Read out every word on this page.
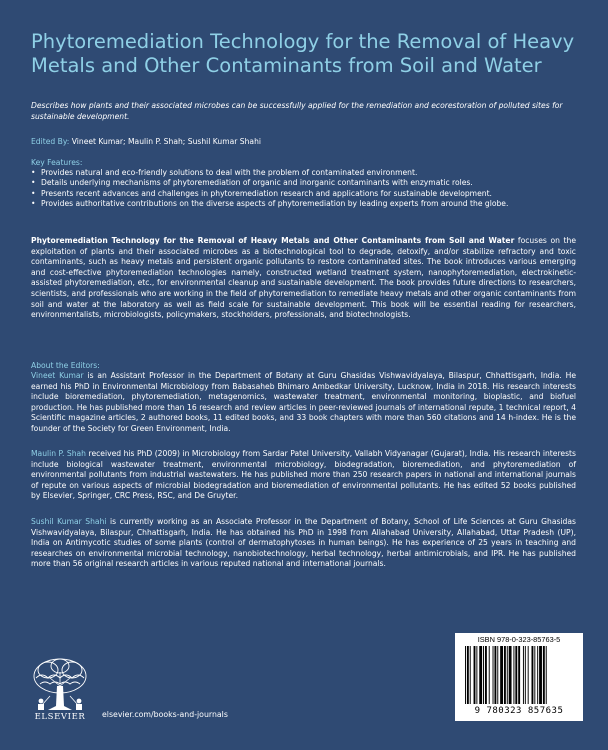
Phytoremediation Technology for the Removal of Heavy Metals and Other Contaminants from Soil and Water

Describes how plants and their associated microbes can be successfully applied for the remediation and ecorestoration of polluted sites for sustainable development.

Edited By: Vineet Kumar; Maulin P. Shah; Sushil Kumar Shahi

Key Features:

• Provides natural and eco-friendly solutions to deal with the problem of contaminated environment.
• Details underlying mechanisms of phytoremediation of organic and inorganic contaminants with enzymatic roles.
• Presents recent advances and challenges in phytoremediation research and applications for sustainable development.
• Provides authoritative contributions on the diverse aspects of phytoremediation by leading experts from around the globe.

Phytoremediation Technology for the Removal of Heavy Metals and Other Contaminants from Soil and Water focuses on the exploitation of plants and their associated microbes as a biotechnological tool to degrade, detoxify, and/or stabilize refractory and toxic contaminants, such as heavy metals and persistent organic pollutants to restore contaminated sites. The book introduces various emerging and cost-effective phytoremediation technologies namely, constructed wetland treatment system, nanophytoremediation, electrokinetic-assisted phytoremediation, etc., for environmental cleanup and sustainable development. The book provides future directions to researchers, scientists, and professionals who are working in the field of phytoremediation to remediate heavy metals and other organic contaminants from soil and water at the laboratory as well as field scale for sustainable development. This book will be essential reading for researchers, environmentalists, microbiologists, policymakers, stockholders, professionals, and biotechnologists.

About the Editors:

Vineet Kumar is an Assistant Professor in the Department of Botany at Guru Ghasidas Vishwavidyalaya, Bilaspur, Chhattisgarh, India. He earned his PhD in Environmental Microbiology from Babasaheb Bhimaro Ambedkar University, Lucknow, India in 2018. His research interests include bioremediation, phytoremediation, metagenomics, wastewater treatment, environmental monitoring, bioplastic, and biofuel production. He has published more than 16 research and review articles in peer-reviewed journals of international repute, 1 technical report, 4 Scientific magazine articles, 2 authored books, 11 edited books, and 33 book chapters with more than 560 citations and 14 h-index. He is the founder of the Society for Green Environment, India.

Maulin P. Shah received his PhD (2009) in Microbiology from Sardar Patel University, Vallabh Vidyanagar (Gujarat), India. His research interests include biological wastewater treatment, environmental microbiology, biodegradation, bioremediation, and phytoremediation of environmental pollutants from industrial wastewaters. He has published more than 250 research papers in national and international journals of repute on various aspects of microbial biodegradation and bioremediation of environmental pollutants. He has edited 52 books published by Elsevier, Springer, CRC Press, RSC, and De Gruyter.

Sushil Kumar Shahi is currently working as an Associate Professor in the Department of Botany, School of Life Sciences at Guru Ghasidas Vishwavidyalaya, Bilaspur, Chhattisgarh, India. He has obtained his PhD in 1998 from Allahabad University, Allahabad, Uttar Pradesh (UP), India on Antimycotic studies of some plants (control of dermatophytoses in human beings). He has experience of 25 years in teaching and researches on environmental microbial technology, nanobiotechnology, herbal technology, herbal antimicrobials, and IPR. He has published more than 56 original research articles in various reputed national and international journals.

ELSEVIER	elsevier.com/books-and-journals
ISBN 978-0-323-85763-5
9 780323 857635
